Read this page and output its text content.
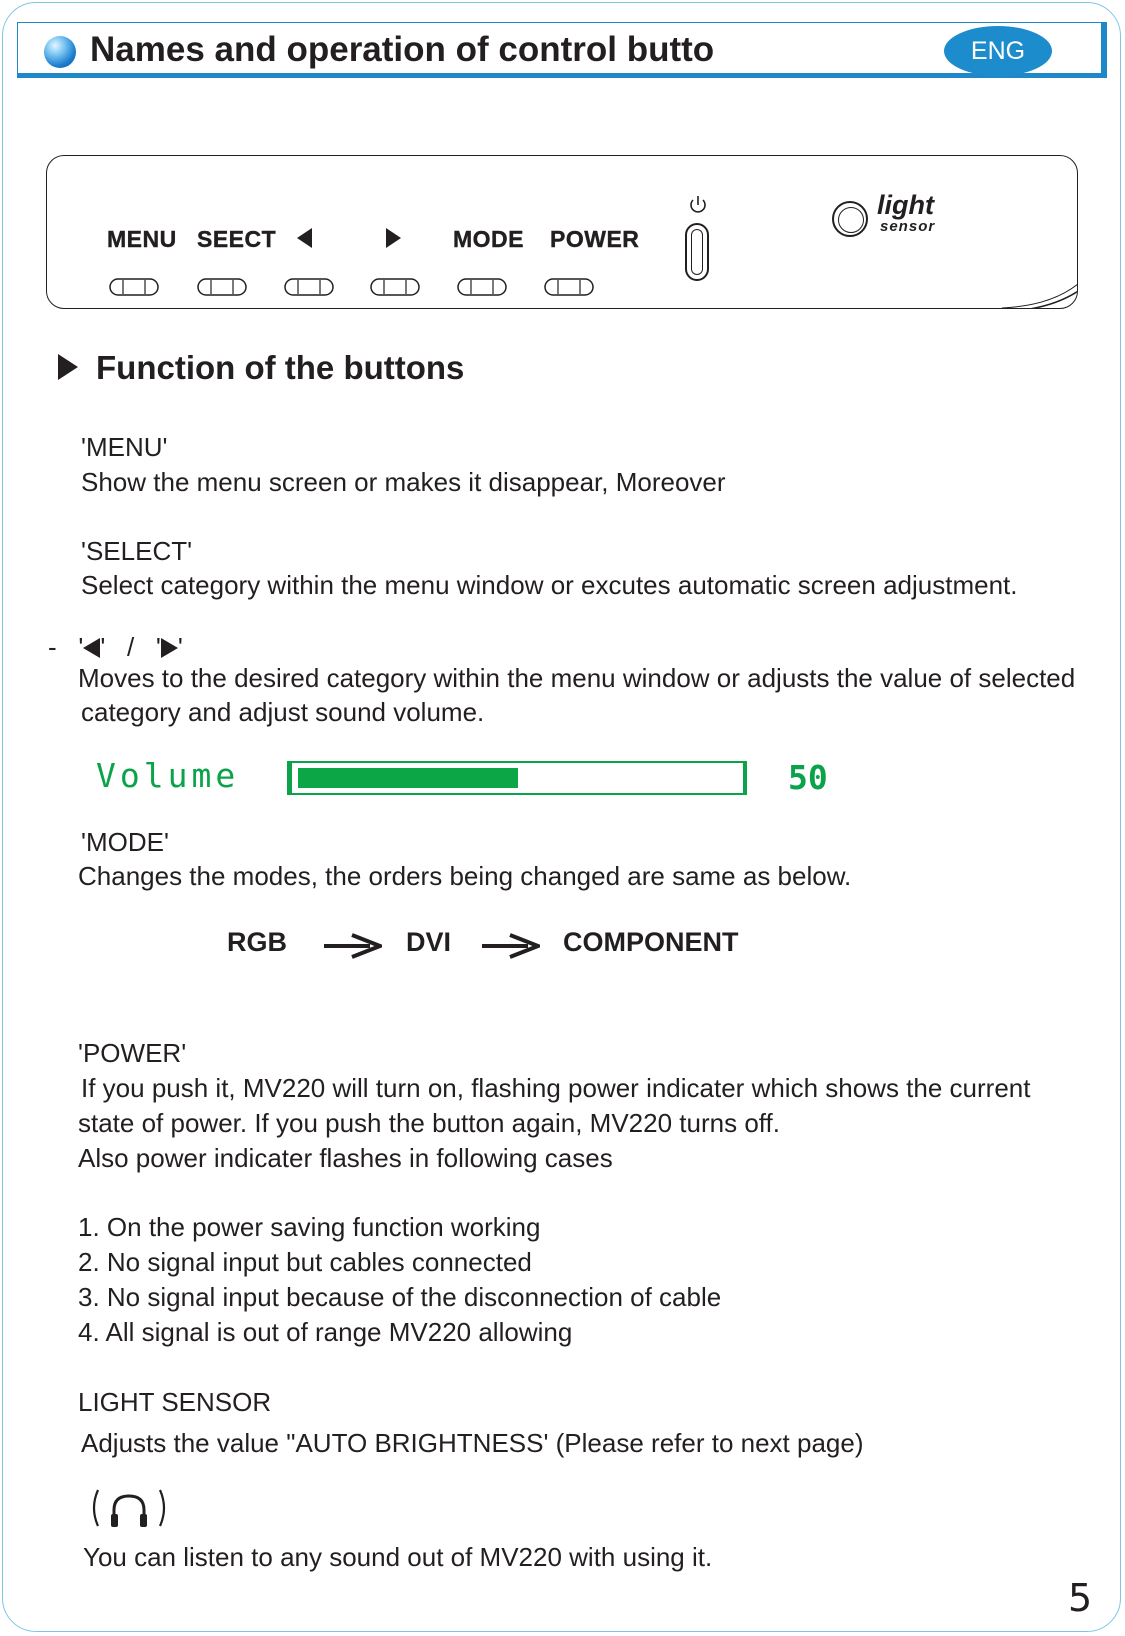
Names and operation of control butto	ENG
MENU SEECT	MODE POWER
light
sensor
Function of the buttons
'MENU'
Show the menu screen or makes it disappear, Moreover
'SELECT'
Select category within the menu window or excutes automatic screen adjustment.
- ' ' / ' '
Moves to the desired category within the menu window or adjusts the value of selected
category and adjust sound volume.
Volume	50
'MODE'
Changes the modes, the orders being changed are same as below.
RGB	DVI	COMPONENT
'POWER'
If you push it, MV220 will turn on, flashing power indicater which shows the current
state of power. If you push the button again, MV220 turns off.
Also power indicater flashes in following cases
1. On the power saving function working
2. No signal input but cables connected
3. No signal input because of the disconnection of cable
4. All signal is out of range MV220 allowing
LIGHT SENSOR
Adjusts the value "AUTO BRIGHTNESS' (Please refer to next page)
You can listen to any sound out of MV220 with using it.
5
